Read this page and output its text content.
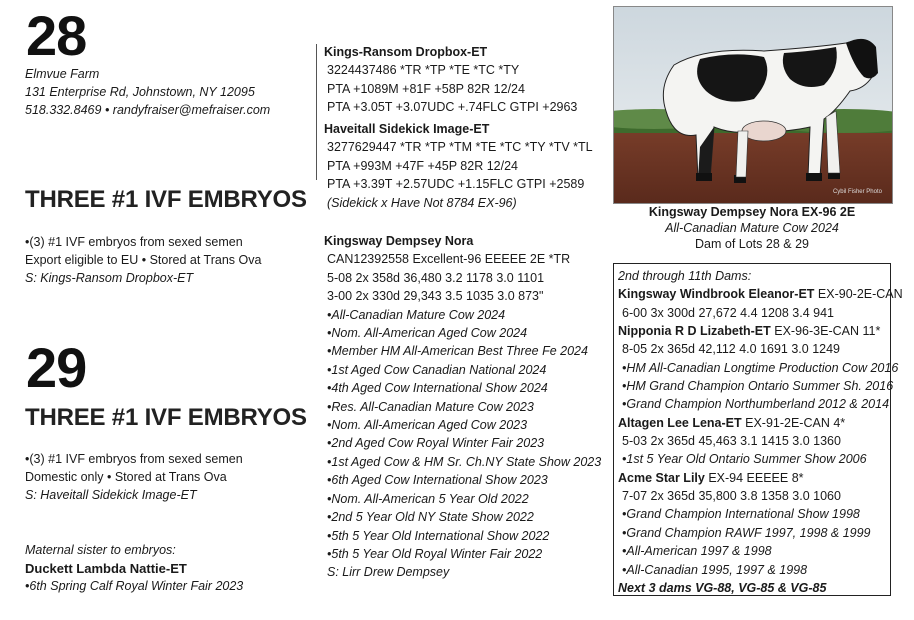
28
Elmvue Farm
131 Enterprise Rd, Johnstown, NY 12095
518.332.8469 • randyfraiser@mefraiser.com
THREE #1 IVF EMBRYOS
•(3) #1 IVF embryos from sexed semen
Export eligible to EU • Stored at Trans Ova
S: Kings-Ransom Dropbox-ET
29
THREE #1 IVF EMBRYOS
•(3) #1 IVF embryos from sexed semen
Domestic only • Stored at Trans Ova
S: Haveitall Sidekick Image-ET
Maternal sister to embryos:
Duckett Lambda Nattie-ET
•6th Spring Calf Royal Winter Fair 2023
Kings-Ransom Dropbox-ET
3224437486 *TR *TP *TE *TC *TY
PTA +1089M +81F +58P 82R 12/24
PTA +3.05T +3.07UDC +.74FLC GTPI +2963
Haveitall Sidekick Image-ET
3277629447 *TR *TP *TM *TE *TC *TY *TV *TL
PTA +993M +47F +45P 82R 12/24
PTA +3.39T +2.57UDC +1.15FLC GTPI +2589
(Sidekick x Have Not 8784 EX-96)
Kingsway Dempsey Nora
CAN12392558 Excellent-96 EEEEE 2E *TR
5-08 2x 358d 36,480 3.2 1178 3.0 1101
3-00 2x 330d 29,343 3.5 1035 3.0 873"
•All-Canadian Mature Cow 2024
•Nom. All-American Aged Cow 2024
•Member HM All-American Best Three Fe 2024
•1st Aged Cow Canadian National 2024
•4th Aged Cow International Show 2024
•Res. All-Canadian Mature Cow 2023
•Nom. All-American Aged Cow 2023
•2nd Aged Cow Royal Winter Fair 2023
•1st Aged Cow & HM Sr. Ch.NY State Show 2023
•6th Aged Cow International Show 2023
•Nom. All-American 5 Year Old 2022
•2nd 5 Year Old NY State Show 2022
•5th 5 Year Old International Show 2022
•5th 5 Year Old Royal Winter Fair 2022
S: Lirr Drew Dempsey
Cybil Fisher Photo
Kingsway Dempsey Nora EX-96 2E
All-Canadian Mature Cow 2024
Dam of Lots 28 & 29
2nd through 11th Dams:
Kingsway Windbrook Eleanor-ET EX-90-2E-CAN
6-00 3x 300d 27,672 4.4 1208 3.4 941
Nipponia R D Lizabeth-ET EX-96-3E-CAN 11*
8-05 2x 365d 42,112 4.0 1691 3.0 1249
•HM All-Canadian Longtime Production Cow 2016
•HM Grand Champion Ontario Summer Sh. 2016
•Grand Champion Northumberland 2012 & 2014
Altagen Lee Lena-ET EX-91-2E-CAN 4*
5-03 2x 365d 45,463 3.1 1415 3.0 1360
•1st 5 Year Old Ontario Summer Show 2006
Acme Star Lily EX-94 EEEEE 8*
7-07 2x 365d 35,800 3.8 1358 3.0 1060
•Grand Champion International Show 1998
•Grand Champion RAWF 1997, 1998 & 1999
•All-American 1997 & 1998
•All-Canadian 1995, 1997 & 1998
Next 3 dams VG-88, VG-85 & VG-85
